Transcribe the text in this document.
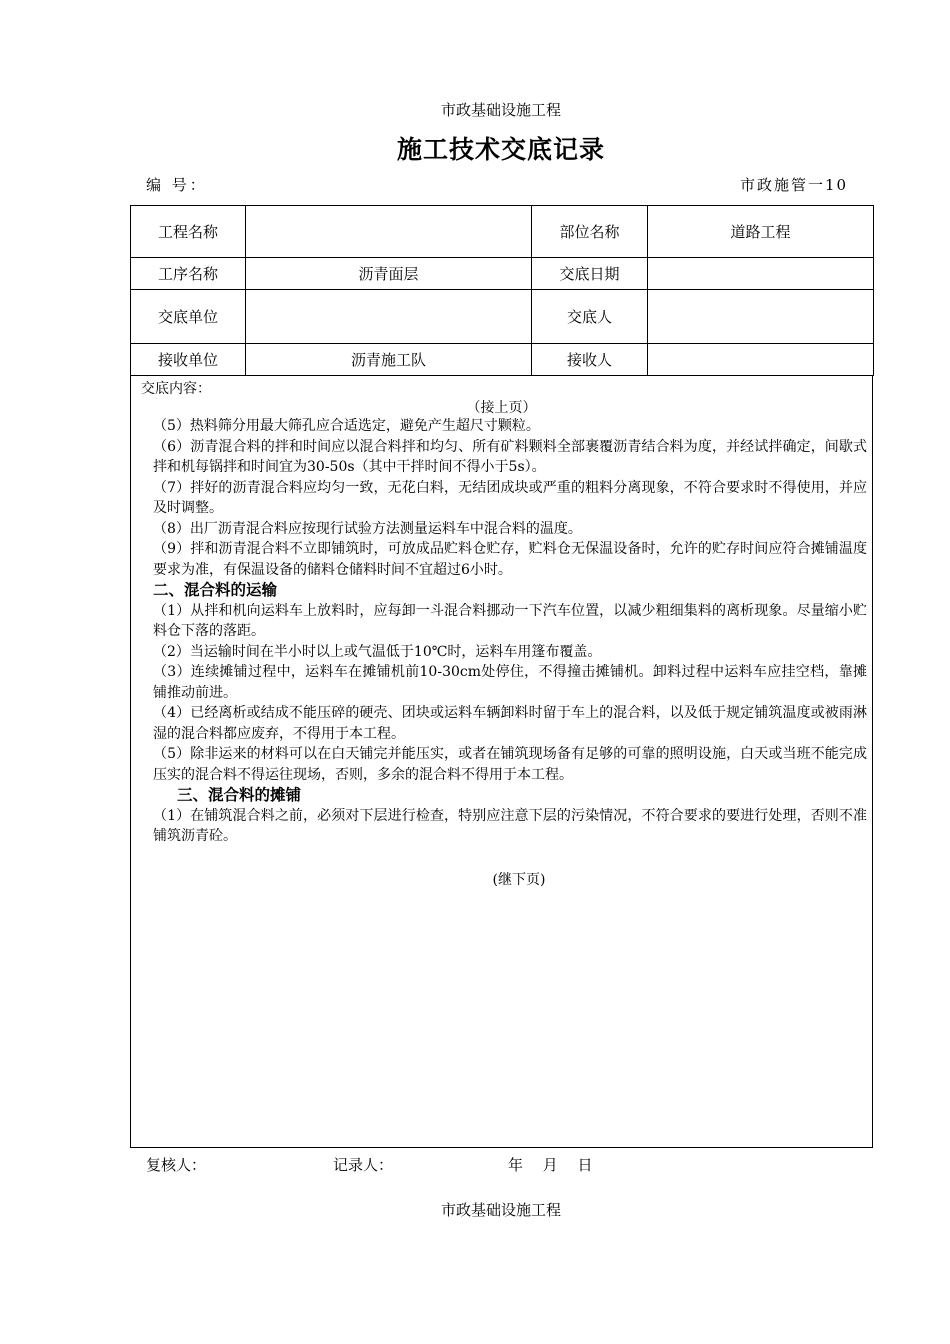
市政基础设施工程
施工技术交底记录
编 号：	市政施管一10
工程名称		部位名称	道路工程
工序名称	沥青面层	交底日期	
交底单位		交底人	
接收单位	沥青施工队	接收人	
交底内容：
（接上页）

（5）热料筛分用最大筛孔应合适选定，避免产生超尺寸颗粒。

（6）沥青混合料的拌和时间应以混合料拌和均匀、所有矿料颗料全部裹覆沥青结合料为度，并经试拌确定，间歇式拌和机每锅拌和时间宜为30-50s（其中干拌时间不得小于5s）。

（7）拌好的沥青混合料应均匀一致，无花白料，无结团成块或严重的粗料分离现象，不符合要求时不得使用，并应及时调整。

（8）出厂沥青混合料应按现行试验方法测量运料车中混合料的温度。

（9）拌和沥青混合料不立即铺筑时，可放成品贮料仓贮存，贮料仓无保温设备时，允许的贮存时间应符合摊铺温度要求为准，有保温设备的储料仓储料时间不宜超过6小时。

二、混合料的运输

（1）从拌和机向运料车上放料时，应每卸一斗混合料挪动一下汽车位置，以减少粗细集料的离析现象。尽量缩小贮料仓下落的落距。

（2）当运输时间在半小时以上或气温低于10℃时，运料车用篷布覆盖。

（3）连续摊铺过程中，运料车在摊铺机前10-30cm处停住，不得撞击摊铺机。卸料过程中运料车应挂空档，靠摊铺推动前进。

（4）已经离析或结成不能压碎的硬壳、团块或运料车辆卸料时留于车上的混合料，以及低于规定铺筑温度或被雨淋湿的混合料都应废弃，不得用于本工程。

（5）除非运来的材料可以在白天铺完并能压实，或者在铺筑现场备有足够的可靠的照明设施，白天或当班不能完成压实的混合料不得运往现场，否则，多余的混合料不得用于本工程。

三、混合料的摊铺

（1）在铺筑混合料之前，必须对下层进行检查，特别应注意下层的污染情况，不符合要求的要进行处理，否则不准铺筑沥青砼。

(继下页)
复核人：	记录人：	年　 月　 日
市政基础设施工程
